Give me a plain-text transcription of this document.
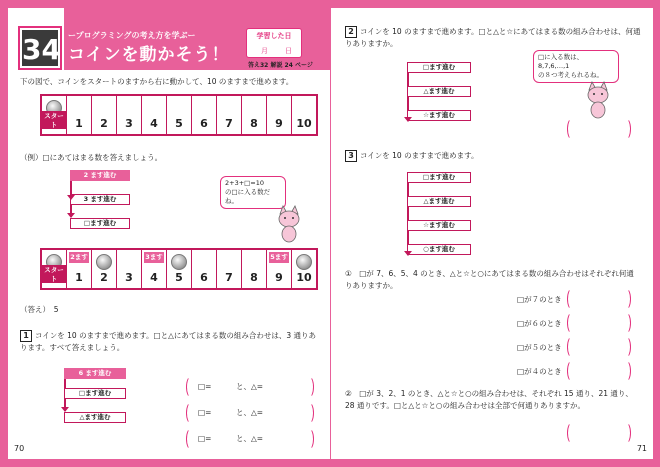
34 ープログラミングの考え方を学ぶー
コインを動かそう！
学習した日
月 日
答え32 解説 24 ページ
下の図で、コインをスタートのますから右に動かして、10 のますまで進めます。
スタート	1	2	3	4	5	6	7	8	9	10
（例）□にあてはまる数を答えましょう。
2 ます進む
3 ます進む
□ます進む
2+3+□=10
の□に入る数だね。
スタート
2ます
1	2	3
3ます
4	5	6	7	8
5ます
9	10
（答え）　 5
1 コインを 10 のますまで進めます。□と△にあてはまる数の組み合わせは、3 通りあります。すべて答えましょう。
6 ます進む
□ます進む
△ます進む
□=	と、△=
□=	と、△=
□=	と、△=
70
2 コインを 10 のますまで進めます。□と△と☆にあてはまる数の組み合わせは、何通りありますか。
□ます進む
△ます進む
☆ます進む
□に入る数は、8,7,6,…,1
の８つ考えられるね。
3 コインを 10 のますまで進めます。
□ます進む
△ます進む
☆ます進む
○ます進む
①　□が 7、6、5、4 のとき、△と☆と○にあてはまる数の組み合わせはそれぞれ何通りありますか。
□が７のとき
□が６のとき
□が５のとき
□が４のとき
②　□が 3、2、1 のとき、△と☆と○の組み合わせは、それぞれ 15 通り、21 通り、28 通りです。□と△と☆と○の組み合わせは全部で何通りありますか。
71
